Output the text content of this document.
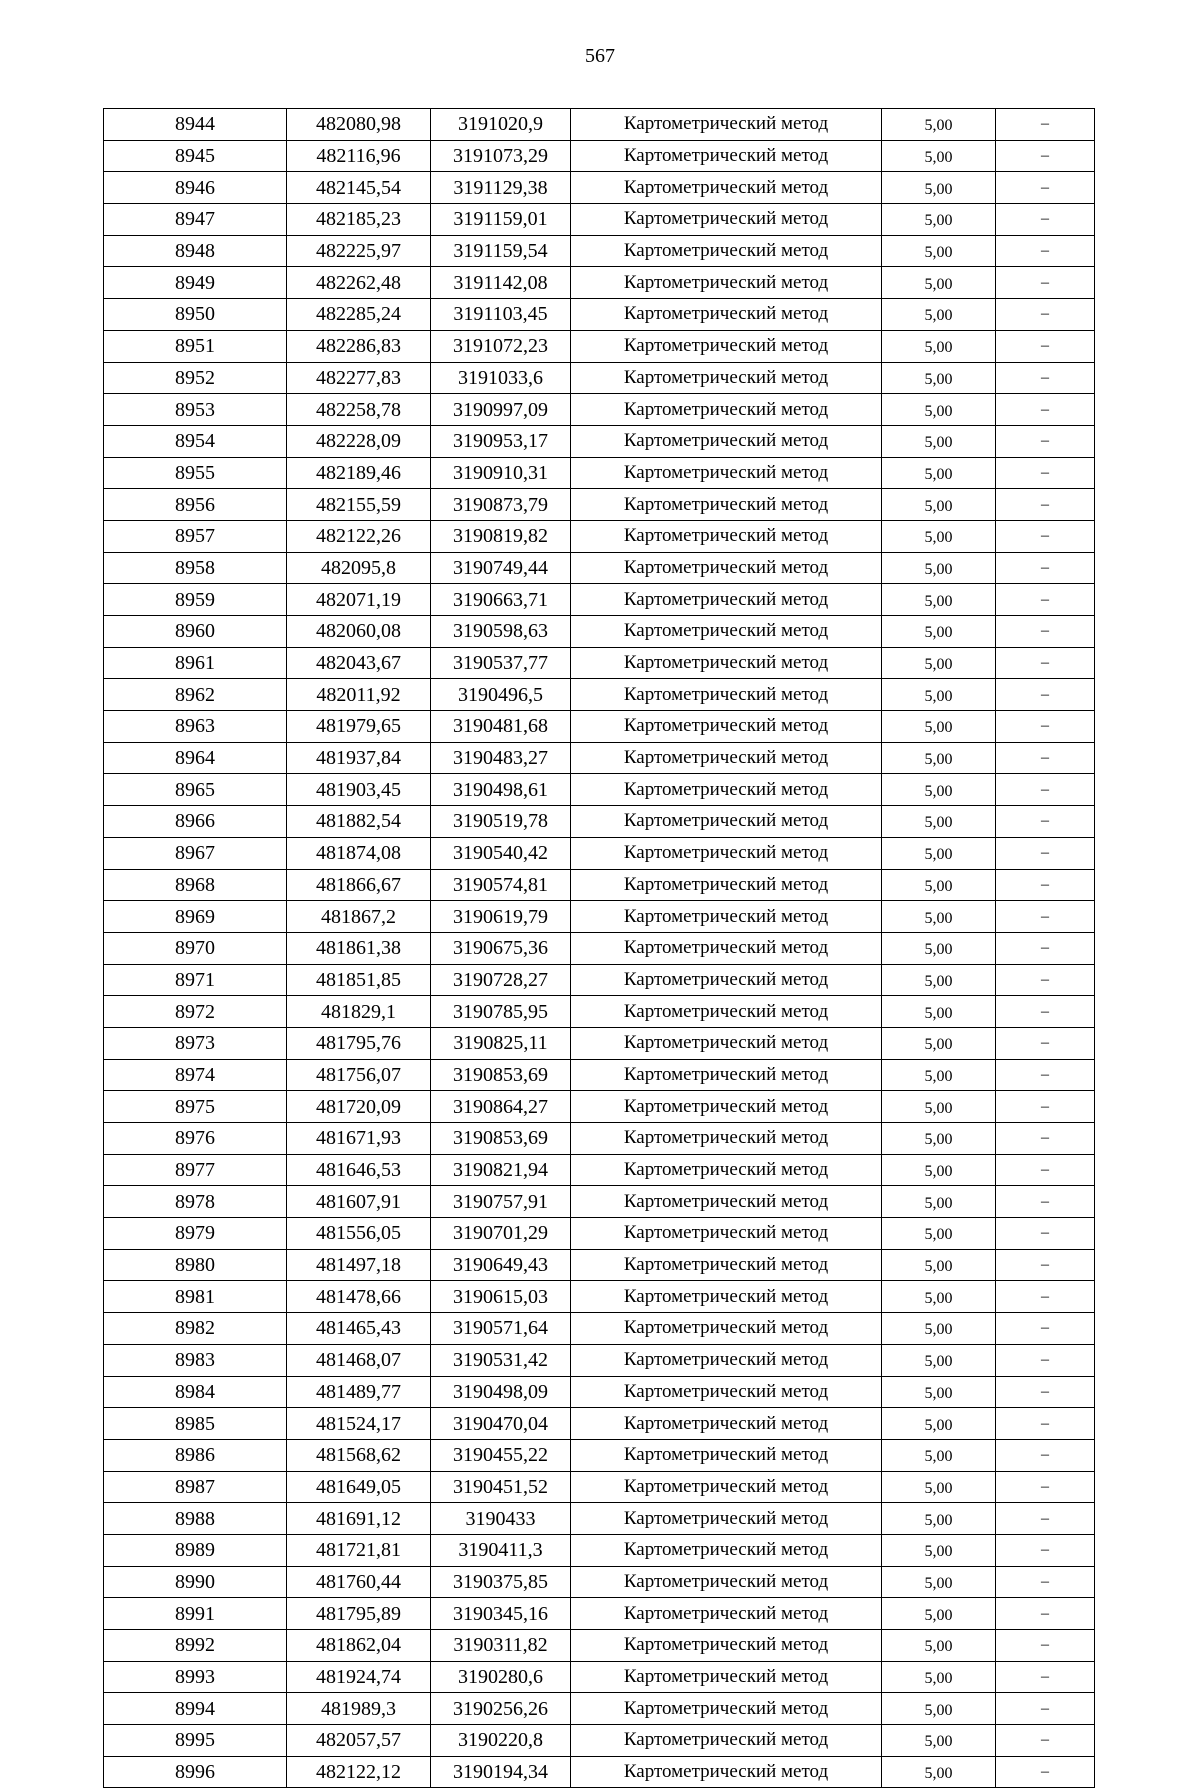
567
8944	482080,98	3191020,9	Картометрический метод	5,00	–
8945	482116,96	3191073,29	Картометрический метод	5,00	–
8946	482145,54	3191129,38	Картометрический метод	5,00	–
8947	482185,23	3191159,01	Картометрический метод	5,00	–
8948	482225,97	3191159,54	Картометрический метод	5,00	–
8949	482262,48	3191142,08	Картометрический метод	5,00	–
8950	482285,24	3191103,45	Картометрический метод	5,00	–
8951	482286,83	3191072,23	Картометрический метод	5,00	–
8952	482277,83	3191033,6	Картометрический метод	5,00	–
8953	482258,78	3190997,09	Картометрический метод	5,00	–
8954	482228,09	3190953,17	Картометрический метод	5,00	–
8955	482189,46	3190910,31	Картометрический метод	5,00	–
8956	482155,59	3190873,79	Картометрический метод	5,00	–
8957	482122,26	3190819,82	Картометрический метод	5,00	–
8958	482095,8	3190749,44	Картометрический метод	5,00	–
8959	482071,19	3190663,71	Картометрический метод	5,00	–
8960	482060,08	3190598,63	Картометрический метод	5,00	–
8961	482043,67	3190537,77	Картометрический метод	5,00	–
8962	482011,92	3190496,5	Картометрический метод	5,00	–
8963	481979,65	3190481,68	Картометрический метод	5,00	–
8964	481937,84	3190483,27	Картометрический метод	5,00	–
8965	481903,45	3190498,61	Картометрический метод	5,00	–
8966	481882,54	3190519,78	Картометрический метод	5,00	–
8967	481874,08	3190540,42	Картометрический метод	5,00	–
8968	481866,67	3190574,81	Картометрический метод	5,00	–
8969	481867,2	3190619,79	Картометрический метод	5,00	–
8970	481861,38	3190675,36	Картометрический метод	5,00	–
8971	481851,85	3190728,27	Картометрический метод	5,00	–
8972	481829,1	3190785,95	Картометрический метод	5,00	–
8973	481795,76	3190825,11	Картометрический метод	5,00	–
8974	481756,07	3190853,69	Картометрический метод	5,00	–
8975	481720,09	3190864,27	Картометрический метод	5,00	–
8976	481671,93	3190853,69	Картометрический метод	5,00	–
8977	481646,53	3190821,94	Картометрический метод	5,00	–
8978	481607,91	3190757,91	Картометрический метод	5,00	–
8979	481556,05	3190701,29	Картометрический метод	5,00	–
8980	481497,18	3190649,43	Картометрический метод	5,00	–
8981	481478,66	3190615,03	Картометрический метод	5,00	–
8982	481465,43	3190571,64	Картометрический метод	5,00	–
8983	481468,07	3190531,42	Картометрический метод	5,00	–
8984	481489,77	3190498,09	Картометрический метод	5,00	–
8985	481524,17	3190470,04	Картометрический метод	5,00	–
8986	481568,62	3190455,22	Картометрический метод	5,00	–
8987	481649,05	3190451,52	Картометрический метод	5,00	–
8988	481691,12	3190433	Картометрический метод	5,00	–
8989	481721,81	3190411,3	Картометрический метод	5,00	–
8990	481760,44	3190375,85	Картометрический метод	5,00	–
8991	481795,89	3190345,16	Картометрический метод	5,00	–
8992	481862,04	3190311,82	Картометрический метод	5,00	–
8993	481924,74	3190280,6	Картометрический метод	5,00	–
8994	481989,3	3190256,26	Картометрический метод	5,00	–
8995	482057,57	3190220,8	Картометрический метод	5,00	–
8996	482122,12	3190194,34	Картометрический метод	5,00	–
